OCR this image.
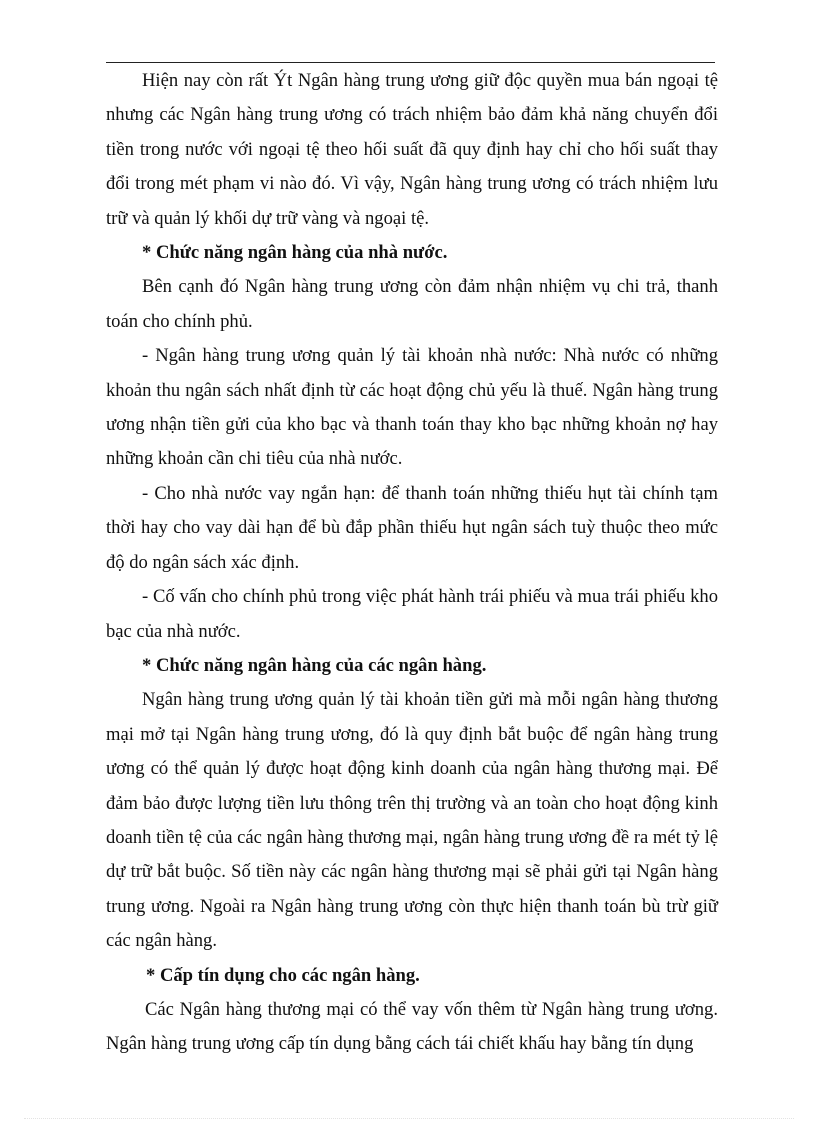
Hiện nay còn rất Ýt Ngân hàng trung ương giữ độc quyền mua bán ngoại tệ nhưng các Ngân hàng trung ương có trách nhiệm bảo đảm khả năng chuyển đổi tiền trong nước với ngoại tệ theo hối suất đã quy định hay chỉ cho hối suất thay đổi trong mét phạm vi nào đó. Vì vậy, Ngân hàng trung ương có trách nhiệm lưu trữ và quản lý khối dự trữ vàng và ngoại tệ.

* Chức năng ngân hàng của nhà nước.

Bên cạnh đó Ngân hàng trung ương còn đảm nhận nhiệm vụ chi trả, thanh toán cho chính phủ.

- Ngân hàng trung ương quản lý tài khoản nhà nước: Nhà nước có những khoản thu ngân sách nhất định từ các hoạt động chủ yếu là thuế. Ngân hàng trung ương nhận tiền gửi của kho bạc và thanh toán thay kho bạc những khoản nợ hay những khoản cần chi tiêu của nhà nước.

- Cho nhà nước vay ngắn hạn: để thanh toán những thiếu hụt tài chính tạm thời hay cho vay dài hạn để bù đắp phần thiếu hụt ngân sách tuỳ thuộc theo mức độ do ngân sách xác định.

- Cố vấn cho chính phủ trong việc phát hành trái phiếu và mua trái phiếu kho bạc của nhà nước.

* Chức năng ngân hàng của các ngân hàng.

Ngân hàng trung ương quản lý tài khoản tiền gửi mà mỗi ngân hàng thương mại mở tại Ngân hàng trung ương, đó là quy định bắt buộc để ngân hàng trung ương có thể quản lý được hoạt động kinh doanh của ngân hàng thương mại. Để đảm bảo được lượng tiền lưu thông trên thị trường và an toàn cho hoạt động kinh doanh tiền tệ của các ngân hàng thương mại, ngân hàng trung ương đề ra mét tỷ lệ dự trữ bắt buộc. Số tiền này các ngân hàng thương mại sẽ phải gửi tại Ngân hàng trung ương. Ngoài ra Ngân hàng trung ương còn thực hiện thanh toán bù trừ giữ các ngân hàng.

* Cấp tín dụng cho các ngân hàng.

Các Ngân hàng thương mại có thể vay vốn thêm từ Ngân hàng trung ương. Ngân hàng trung ương cấp tín dụng bằng cách tái chiết khấu hay bằng tín dụng
